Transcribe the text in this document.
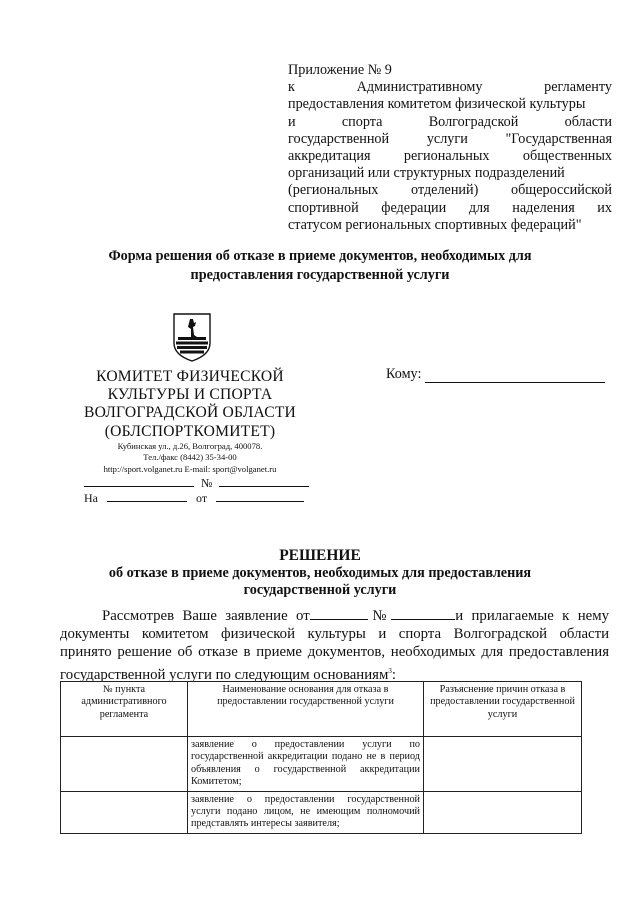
Приложение № 9
к	Административному	регламенту
предоставления комитетом физической культуры
и	спорта	Волгоградской	области
государственной	услуги	"Государственная
аккредитация региональных общественных
организаций или структурных подразделений
(региональных отделений) общероссийской
спортивной федерации для наделения их
статусом региональных спортивных федераций"
Форма решения об отказе в приеме документов, необходимых для
предоставления государственной услуги
КОМИТЕТ ФИЗИЧЕСКОЙ
КУЛЬТУРЫ И СПОРТА
ВОЛГОГРАДСКОЙ ОБЛАСТИ
(ОБЛСПОРТКОМИТЕТ)
Кубинская ул., д.26, Волгоград, 400078.
Тел./факс (8442) 35-34-00
http://sport.volganet.ru E-mail: sport@volganet.ru
№
На	от
Кому:
РЕШЕНИЕ
об отказе в приеме документов, необходимых для предоставления
государственной услуги
Рассмотрев Ваше заявление от	№	и прилагаемые к нему
документы комитетом физической культуры и спорта Волгоградской области
принято решение об отказе в приеме документов, необходимых для предоставления
государственной услуги по следующим основаниям$^3$:
№ пункта административного регламента	Наименование основания для отказа в предоставлении государственной услуги	Разъяснение причин отказа в предоставлении государственной услуги
	заявление о предоставлении услуги по государственной аккредитации подано не в период объявления о государственной аккредитации Комитетом;	
	заявление о предоставлении государственной услуги подано лицом, не имеющим полномочий представлять интересы заявителя;	
